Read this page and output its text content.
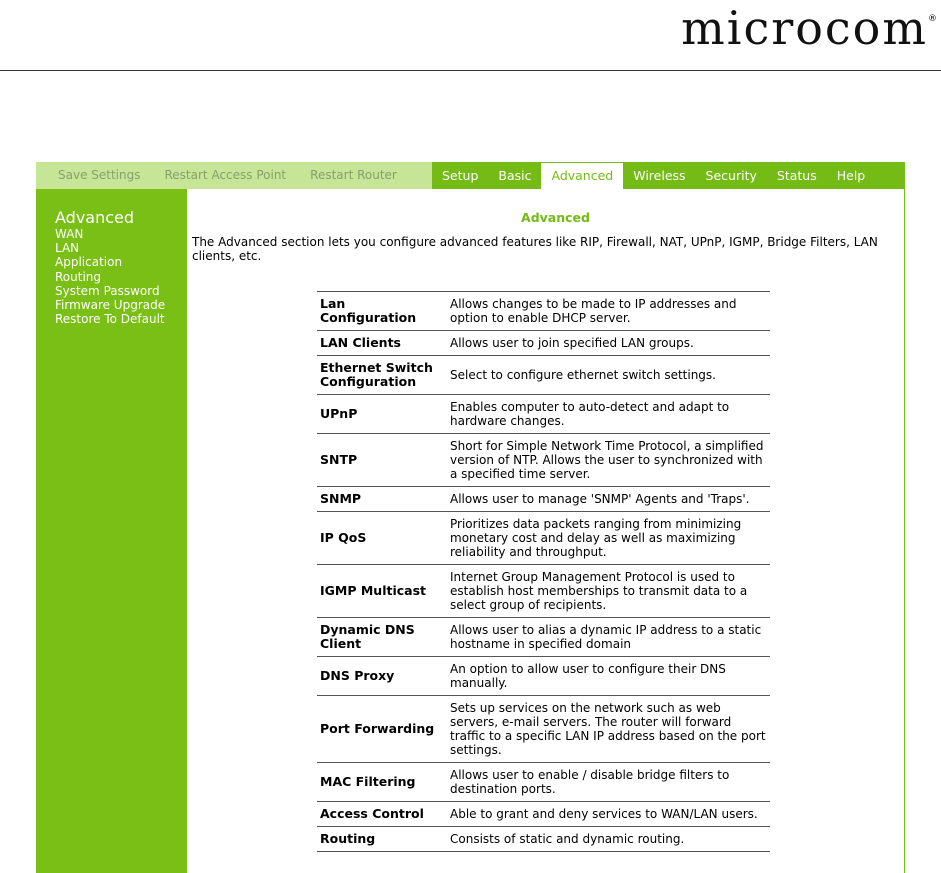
microcom®
Save Settings	Restart Access Point	Restart Router	Setup	Basic	Advanced	Wireless	Security	Status	Help
Advanced
WAN
LAN
Application
Routing
System Password
Firmware Upgrade
Restore To Default
Advanced
The Advanced section lets you configure advanced features like RIP, Firewall, NAT, UPnP, IGMP, Bridge Filters, LAN clients, etc.
Lan Configuration	Allows changes to be made to IP addresses and option to enable DHCP server.
LAN Clients	Allows user to join specified LAN groups.
Ethernet Switch Configuration	Select to configure ethernet switch settings.
UPnP	Enables computer to auto-detect and adapt to hardware changes.
SNTP	Short for Simple Network Time Protocol, a simplified version of NTP. Allows the user to synchronized with a specified time server.
SNMP	Allows user to manage 'SNMP' Agents and 'Traps'.
IP QoS	Prioritizes data packets ranging from minimizing monetary cost and delay as well as maximizing reliability and throughput.
IGMP Multicast	Internet Group Management Protocol is used to establish host memberships to transmit data to a select group of recipients.
Dynamic DNS Client	Allows user to alias a dynamic IP address to a static hostname in specified domain
DNS Proxy	An option to allow user to configure their DNS manually.
Port Forwarding	Sets up services on the network such as web servers, e-mail servers. The router will forward traffic to a specific LAN IP address based on the port settings.
MAC Filtering	Allows user to enable / disable bridge filters to destination ports.
Access Control	Able to grant and deny services to WAN/LAN users.
Routing	Consists of static and dynamic routing.
